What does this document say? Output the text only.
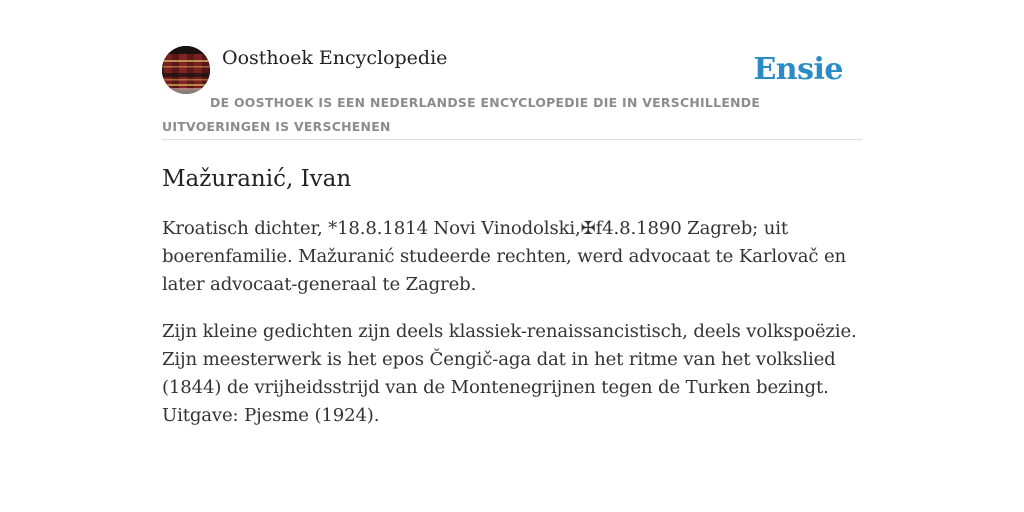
Oosthoek Encyclopedie	Ensie
DE OOSTHOEK IS EEN NEDERLANDSE ENCYCLOPEDIE DIE IN VERSCHILLENDE UITVOERINGEN IS VERSCHENEN
Mažuranić, Ivan

Kroatisch dichter, *18.8.1814 Novi Vinodolski,✠f4.8.1890 Zagreb; uit boerenfamilie. Mažuranić studeerde rechten, werd advocaat te Karlovač en later advocaat-generaal te Zagreb.

Zijn kleine gedichten zijn deels klassiek-renaissancistisch, deels volkspoëzie. Zijn meesterwerk is het epos Čengič-aga dat in het ritme van het volkslied (1844) de vrijheidsstrijd van de Montenegrijnen tegen de Turken bezingt. Uitgave: Pjesme (1924).
